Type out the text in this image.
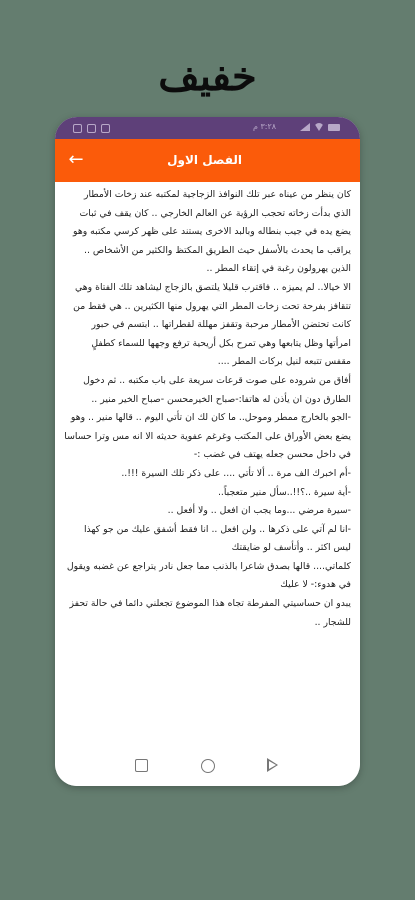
خفيف
٣:٢٨ م
←	الفصل الاول

كان ينظر من عيناه عبر تلك النوافذ الزجاجية لمكتبه عند زخات الأمطار الذي بدأت زخاته تحجب الرؤية عن العالم الخارجي .. كان يقف في ثبات يضع يده في جيب بنطاله وبالبد الاخرى يستند على ظهر كرسي مكتبه وهو يراقب ما يحدث بالأسفل حيث الطريق المكتظ والكثير من الأشخاص .. الذين يهرولون رغبة في إتقاء المطر ..

الا خيالا.. لم يميزه .. فاقترب قليلا يلتصق بالزجاج ليشاهد تلك الفتاة وهي تتقافز بفرحة تحت زخات المطر التي يهرول منها الكثيرين .. هي فقط من كانت تحتضن الأمطار مرحبة وتقفز مهللة لقطراتها .. ابتسم في حبور امرأتها وظل يتابعها وهي تمرح بكل أريحية ترفع وجهها للسماء كطفلٍ مقفس تتبعه لنيل بركات المطر ....

أفاق من شروده على صوت قرعات سريعة على باب مكتبه .. ثم دخول الطارق دون ان يأذن له هاتفا:-صباح الخيرمحسن -صباح الخير منير ..

-الجو بالخارج ممطر وموحل.. ما كان لك ان تأتي اليوم .. قالها منير .. وهو يضع بعض الأوراق على المكتب وغرغم عفوية حديثه الا انه مس وترا حساسا في داخل محسن جعله يهتف في غضب :-

-أم اخبرك الف مرة .. ألا تأتي .... على ذكر تلك السيرة !!!..

-أية سيرة ..؟!!..سأل منير متعجباً..

-سيرة مرضي ...وما يجب ان افعل .. ولا أفعل ..

-انا لم آتي على ذكرها .. ولن افعل .. انا فقط أشفق عليك من جو كهذا ليس اكثر .. وأتأسف لو ضايقتك

كلماتي.... قالها بصدق شاعرا بالذنب مما جعل نادر يتراجع عن غضبه ويقول في هدوء:- لا عليك

يبدو ان حساسيتي المفرطة تجاه هذا الموضوع تجعلني دائما في حالة تحفز للشجار ..
